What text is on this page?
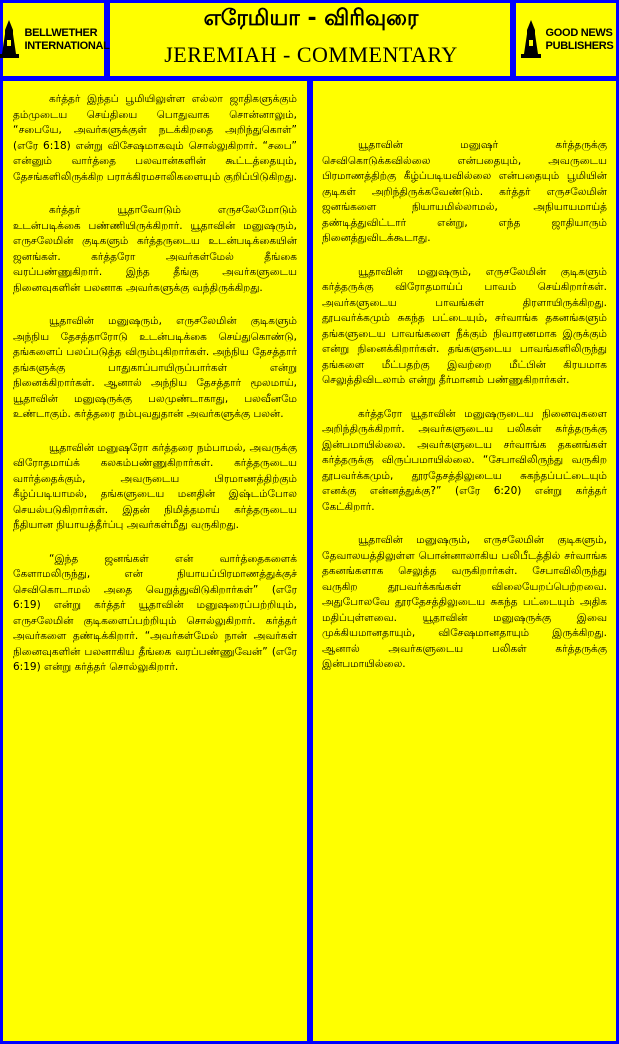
BELLWETHER
INTERNATIONAL
எரேமியா - விரிவுரை
JEREMIAH - COMMENTARY
GOOD NEWS
PUBLISHERS

கர்த்தர் இந்தப் பூமியிலுள்ள எல்லா ஜாதிகளுக்கும் தம்முடைய செய்தியை பொதுவாக சொன்னாலும், “சபையே, அவர்களுக்குள் நடக்கிறதை அறிந்துகொள்” (எரே 6:18) என்று விசேஷமாகவும் சொல்லுகிறார். “சபை” என்னும் வார்த்தை பலவான்களின் கூட்டத்தையும், தேசங்களிலிருக்கிற பராக்கிரமசாலிகளையும் குறிப்பிடுகிறது.

கர்த்தர் யூதாவோடும் எருசலேமோடும் உடன்படிக்கை பண்ணியிருக்கிறார். யூதாவின் மனுஷரும், எருசலேமின் குடிகளும் கர்த்தருடைய உடன்படிக்கையின் ஜனங்கள். கர்த்தரோ அவர்கள்மேல் தீங்கை வரப்பண்ணுகிறார். இந்த தீங்கு அவர்களுடைய நினைவுகளின் பலனாக அவர்களுக்கு வந்திருக்கிறது.

யூதாவின் மனுஷரும், எருசலேமின் குடிகளும் அந்நிய தேசத்தாரோடு உடன்படிக்கை செய்துகொண்டு, தங்களைப் பலப்படுத்த விரும்புகிறார்கள். அந்நிய தேசத்தார் தங்களுக்கு பாதுகாப்பாயிருப்பார்கள் என்று நினைக்கிறார்கள். ஆனால் அந்நிய தேசத்தார் மூலமாய், யூதாவின் மனுஷருக்கு பலமுண்டாகாது, பலவீனமே உண்டாகும். கர்த்தரை நம்புவதுதான் அவர்களுக்கு பலன்.

யூதாவின் மனுஷரோ கர்த்தரை நம்பாமல், அவருக்கு விரோதமாய்க் கலகம்பண்ணுகிறார்கள். கர்த்தருடைய வார்த்தைக்கும், அவருடைய பிரமாணத்திற்கும் கீழ்ப்படியாமல், தங்களுடைய மனதின் இஷ்டம்போல செயல்படுகிறார்கள். இதன் நிமித்தமாய் கர்த்தருடைய நீதியான நியாயத்தீர்ப்பு அவர்கள்மீது வருகிறது.

“இந்த ஜனங்கள் என் வார்த்தைகளைக் கேளாமலிருந்து, என் நியாயப்பிரமாணத்துக்குச் செவிகொடாமல் அதை வெறுத்துவிடுகிறார்கள்” (எரே 6:19) என்று கர்த்தர் யூதாவின் மனுஷரைப்பற்றியும், எருசலேமின் குடிகளைப்பற்றியும் சொல்லுகிறார். கர்த்தர் அவர்களை தண்டிக்கிறார். “அவர்கள்மேல் நான் அவர்கள் நினைவுகளின் பலனாகிய தீங்கை வரப்பண்ணுவேன்” (எரே 6:19) என்று கர்த்தர் சொல்லுகிறார்.

யூதாவின் மனுஷர் கர்த்தருக்கு செவிகொடுக்கவில்லை என்பதையும், அவருடைய பிரமாணத்திற்கு கீழ்ப்படியவில்லை என்பதையும் பூமியின் குடிகள் அறிந்திருக்கவேண்டும். கர்த்தர் எருசலேமின் ஜனங்களை நியாயமில்லாமல், அநியாயமாய்த் தண்டித்துவிட்டார் என்று, எந்த ஜாதியாரும் நினைத்துவிடக்கூடாது.

யூதாவின் மனுஷரும், எருசலேமின் குடிகளும் கர்த்தருக்கு விரோதமாய்ப் பாவம் செய்கிறார்கள். அவர்களுடைய பாவங்கள் திரளாயிருக்கிறது. தூபவர்க்கமும் சுகந்த பட்டையும், சர்வாங்க தகனங்களும் தங்களுடைய பாவங்களை நீக்கும் நிவாரணமாக இருக்கும் என்று நினைக்கிறார்கள். தங்களுடைய பாவங்களிலிருந்து தங்களை மீட்பதற்கு இவற்றை மீட்பின் கிரயமாக செலுத்திவிடலாம் என்று தீர்மானம் பண்ணுகிறார்கள்.

கர்த்தரோ யூதாவின் மனுஷருடைய நினைவுகளை அறிந்திருக்கிறார். அவர்களுடைய பலிகள் கர்த்தருக்கு இன்பமாயில்லை. அவர்களுடைய சர்வாங்க தகனங்கள் கர்த்தருக்கு விருப்பமாயில்லை. “சேபாவிலிருந்து வருகிற தூபவர்க்கமும், தூரதேசத்திலுடைய சுகந்தப்பட்டையும் எனக்கு என்னத்துக்கு?” (எரே 6:20) என்று கர்த்தர் கேட்கிறார்.

யூதாவின் மனுஷரும், எருசலேமின் குடிகளும், தேவாலயத்திலுள்ள பொன்னாலாகிய பலிபீடத்தில் சர்வாங்க தகனங்களாக செலுத்த வருகிறார்கள். சேபாவிலிருந்து வருகிற தூபவர்க்கங்கள் விலையேறப்பெற்றவை. அதுபோலவே தூரதேசத்திலுடைய சுகந்த பட்டையும் அதிக மதிப்புள்ளவை. யூதாவின் மனுஷருக்கு இவை முக்கியமானதாயும், விசேஷமானதாயும் இருக்கிறது. ஆனால் அவர்களுடைய பலிகள் கர்த்தருக்கு இன்பமாயில்லை.
